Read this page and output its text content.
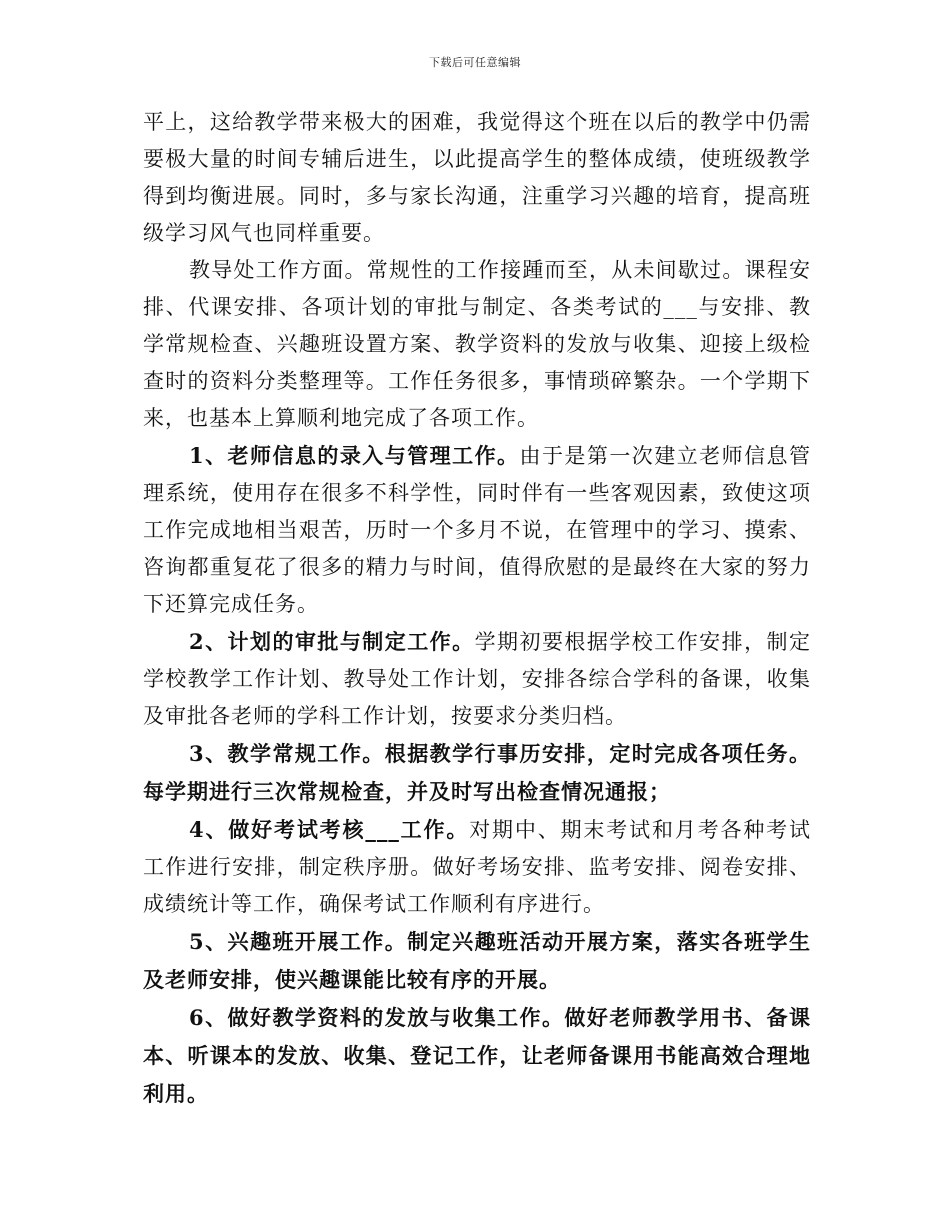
下载后可任意编辑

平上，这给教学带来极大的困难，我觉得这个班在以后的教学中仍需要极大量的时间专辅后进生，以此提高学生的整体成绩，使班级教学得到均衡进展。同时，多与家长沟通，注重学习兴趣的培育，提高班级学习风气也同样重要。

教导处工作方面。常规性的工作接踵而至，从未间歇过。课程安排、代课安排、各项计划的审批与制定、各类考试的___与安排、教学常规检查、兴趣班设置方案、教学资料的发放与收集、迎接上级检查时的资料分类整理等。工作任务很多，事情琐碎繁杂。一个学期下来，也基本上算顺利地完成了各项工作。

1、老师信息的录入与管理工作。由于是第一次建立老师信息管理系统，使用存在很多不科学性，同时伴有一些客观因素，致使这项工作完成地相当艰苦，历时一个多月不说，在管理中的学习、摸索、咨询都重复花了很多的精力与时间，值得欣慰的是最终在大家的努力下还算完成任务。

2、计划的审批与制定工作。学期初要根据学校工作安排，制定学校教学工作计划、教导处工作计划，安排各综合学科的备课，收集及审批各老师的学科工作计划，按要求分类归档。

3、教学常规工作。根据教学行事历安排，定时完成各项任务。每学期进行三次常规检查，并及时写出检查情况通报；

4、做好考试考核___工作。对期中、期末考试和月考各种考试工作进行安排，制定秩序册。做好考场安排、监考安排、阅卷安排、成绩统计等工作，确保考试工作顺利有序进行。

5、兴趣班开展工作。制定兴趣班活动开展方案，落实各班学生及老师安排，使兴趣课能比较有序的开展。

6、做好教学资料的发放与收集工作。做好老师教学用书、备课本、听课本的发放、收集、登记工作，让老师备课用书能高效合理地利用。
